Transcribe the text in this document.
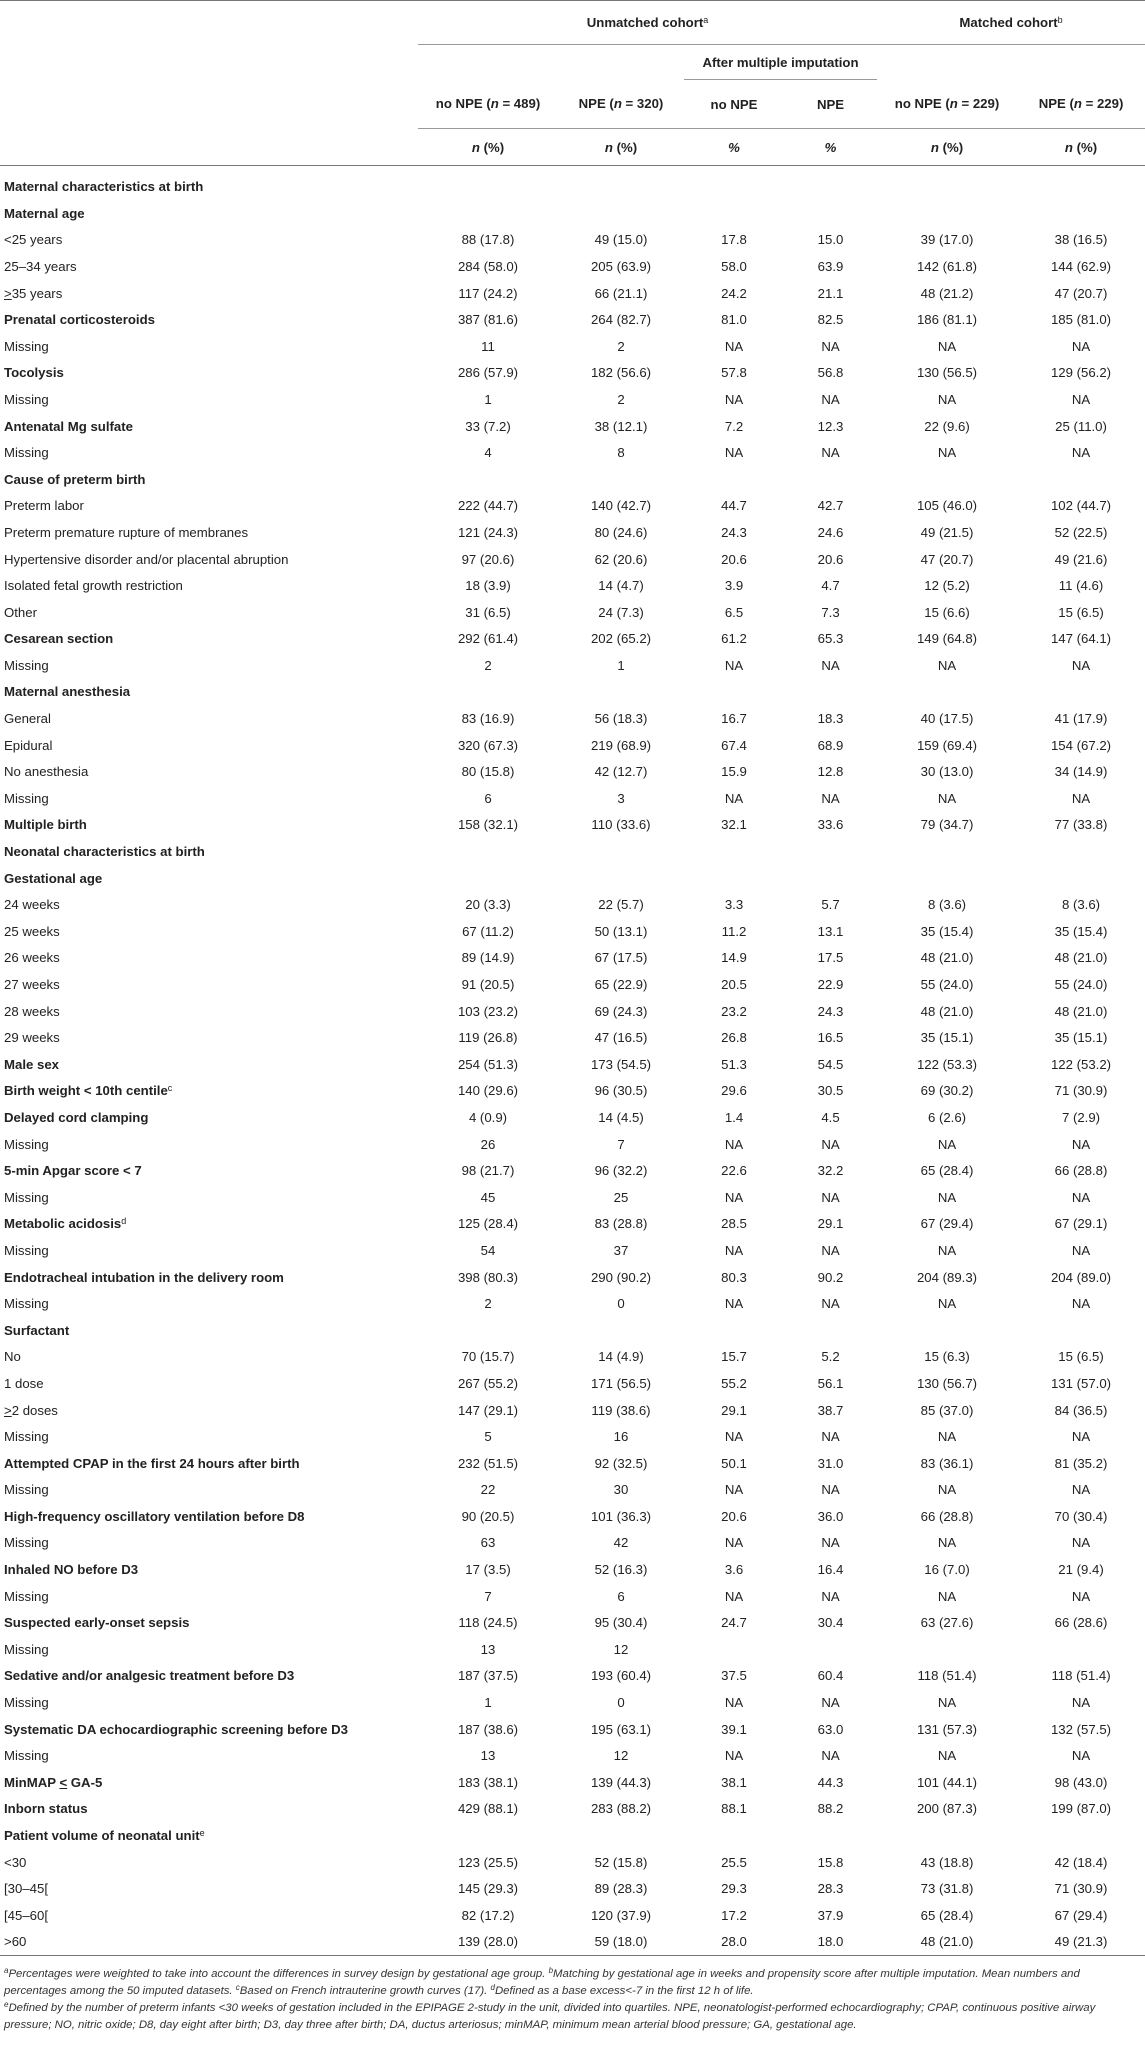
	Unmatched cohort$^a$				Matched cohort$^b$
			After multiple imputation			
	no NPE (n = 489)	NPE (n = 320)	no NPE	NPE	no NPE (n = 229)	NPE (n = 229)
	n (%)	n (%)	%	%	n (%)	n (%)
Maternal characteristics at birth						
Maternal age						
<25 years	88 (17.8)	49 (15.0)	17.8	15.0	39 (17.0)	38 (16.5)
25–34 years	284 (58.0)	205 (63.9)	58.0	63.9	142 (61.8)	144 (62.9)
>35 years	117 (24.2)	66 (21.1)	24.2	21.1	48 (21.2)	47 (20.7)
Prenatal corticosteroids	387 (81.6)	264 (82.7)	81.0	82.5	186 (81.1)	185 (81.0)
Missing	11	2	NA	NA	NA	NA
Tocolysis	286 (57.9)	182 (56.6)	57.8	56.8	130 (56.5)	129 (56.2)
Missing	1	2	NA	NA	NA	NA
Antenatal Mg sulfate	33 (7.2)	38 (12.1)	7.2	12.3	22 (9.6)	25 (11.0)
Missing	4	8	NA	NA	NA	NA
Cause of preterm birth						
Preterm labor	222 (44.7)	140 (42.7)	44.7	42.7	105 (46.0)	102 (44.7)
Preterm premature rupture of membranes	121 (24.3)	80 (24.6)	24.3	24.6	49 (21.5)	52 (22.5)
Hypertensive disorder and/or placental abruption	97 (20.6)	62 (20.6)	20.6	20.6	47 (20.7)	49 (21.6)
Isolated fetal growth restriction	18 (3.9)	14 (4.7)	3.9	4.7	12 (5.2)	11 (4.6)
Other	31 (6.5)	24 (7.3)	6.5	7.3	15 (6.6)	15 (6.5)
Cesarean section	292 (61.4)	202 (65.2)	61.2	65.3	149 (64.8)	147 (64.1)
Missing	2	1	NA	NA	NA	NA
Maternal anesthesia						
General	83 (16.9)	56 (18.3)	16.7	18.3	40 (17.5)	41 (17.9)
Epidural	320 (67.3)	219 (68.9)	67.4	68.9	159 (69.4)	154 (67.2)
No anesthesia	80 (15.8)	42 (12.7)	15.9	12.8	30 (13.0)	34 (14.9)
Missing	6	3	NA	NA	NA	NA
Multiple birth	158 (32.1)	110 (33.6)	32.1	33.6	79 (34.7)	77 (33.8)
Neonatal characteristics at birth						
Gestational age						
24 weeks	20 (3.3)	22 (5.7)	3.3	5.7	8 (3.6)	8 (3.6)
25 weeks	67 (11.2)	50 (13.1)	11.2	13.1	35 (15.4)	35 (15.4)
26 weeks	89 (14.9)	67 (17.5)	14.9	17.5	48 (21.0)	48 (21.0)
27 weeks	91 (20.5)	65 (22.9)	20.5	22.9	55 (24.0)	55 (24.0)
28 weeks	103 (23.2)	69 (24.3)	23.2	24.3	48 (21.0)	48 (21.0)
29 weeks	119 (26.8)	47 (16.5)	26.8	16.5	35 (15.1)	35 (15.1)
Male sex	254 (51.3)	173 (54.5)	51.3	54.5	122 (53.3)	122 (53.2)
Birth weight < 10th centile$^c$	140 (29.6)	96 (30.5)	29.6	30.5	69 (30.2)	71 (30.9)
Delayed cord clamping	4 (0.9)	14 (4.5)	1.4	4.5	6 (2.6)	7 (2.9)
Missing	26	7	NA	NA	NA	NA
5-min Apgar score < 7	98 (21.7)	96 (32.2)	22.6	32.2	65 (28.4)	66 (28.8)
Missing	45	25	NA	NA	NA	NA
Metabolic acidosis$^d$	125 (28.4)	83 (28.8)	28.5	29.1	67 (29.4)	67 (29.1)
Missing	54	37	NA	NA	NA	NA
Endotracheal intubation in the delivery room	398 (80.3)	290 (90.2)	80.3	90.2	204 (89.3)	204 (89.0)
Missing	2	0	NA	NA	NA	NA
Surfactant						
No	70 (15.7)	14 (4.9)	15.7	5.2	15 (6.3)	15 (6.5)
1 dose	267 (55.2)	171 (56.5)	55.2	56.1	130 (56.7)	131 (57.0)
>2 doses	147 (29.1)	119 (38.6)	29.1	38.7	85 (37.0)	84 (36.5)
Missing	5	16	NA	NA	NA	NA
Attempted CPAP in the first 24 hours after birth	232 (51.5)	92 (32.5)	50.1	31.0	83 (36.1)	81 (35.2)
Missing	22	30	NA	NA	NA	NA
High-frequency oscillatory ventilation before D8	90 (20.5)	101 (36.3)	20.6	36.0	66 (28.8)	70 (30.4)
Missing	63	42	NA	NA	NA	NA
Inhaled NO before D3	17 (3.5)	52 (16.3)	3.6	16.4	16 (7.0)	21 (9.4)
Missing	7	6	NA	NA	NA	NA
Suspected early-onset sepsis	118 (24.5)	95 (30.4)	24.7	30.4	63 (27.6)	66 (28.6)
Missing	13	12				
Sedative and/or analgesic treatment before D3	187 (37.5)	193 (60.4)	37.5	60.4	118 (51.4)	118 (51.4)
Missing	1	0	NA	NA	NA	NA
Systematic DA echocardiographic screening before D3	187 (38.6)	195 (63.1)	39.1	63.0	131 (57.3)	132 (57.5)
Missing	13	12	NA	NA	NA	NA
MinMAP < GA-5	183 (38.1)	139 (44.3)	38.1	44.3	101 (44.1)	98 (43.0)
Inborn status	429 (88.1)	283 (88.2)	88.1	88.2	200 (87.3)	199 (87.0)
Patient volume of neonatal unit$^e$						
<30	123 (25.5)	52 (15.8)	25.5	15.8	43 (18.8)	42 (18.4)
[30–45[	145 (29.3)	89 (28.3)	29.3	28.3	73 (31.8)	71 (30.9)
[45–60[	82 (17.2)	120 (37.9)	17.2	37.9	65 (28.4)	67 (29.4)
>60	139 (28.0)	59 (18.0)	28.0	18.0	48 (21.0)	49 (21.3)
$^a$Percentages were weighted to take into account the differences in survey design by gestational age group. $^b$Matching by gestational age in weeks and propensity score after multiple imputation. Mean numbers and percentages among the 50 imputed datasets. $^c$Based on French intrauterine growth curves (17). $^d$Defined as a base excess<-7 in the first 12 h of life.
$^e$Defined by the number of preterm infants <30 weeks of gestation included in the EPIPAGE 2-study in the unit, divided into quartiles. NPE, neonatologist-performed echocardiography; CPAP, continuous positive airway pressure; NO, nitric oxide; D8, day eight after birth; D3, day three after birth; DA, ductus arteriosus; minMAP, minimum mean arterial blood pressure; GA, gestational age.
